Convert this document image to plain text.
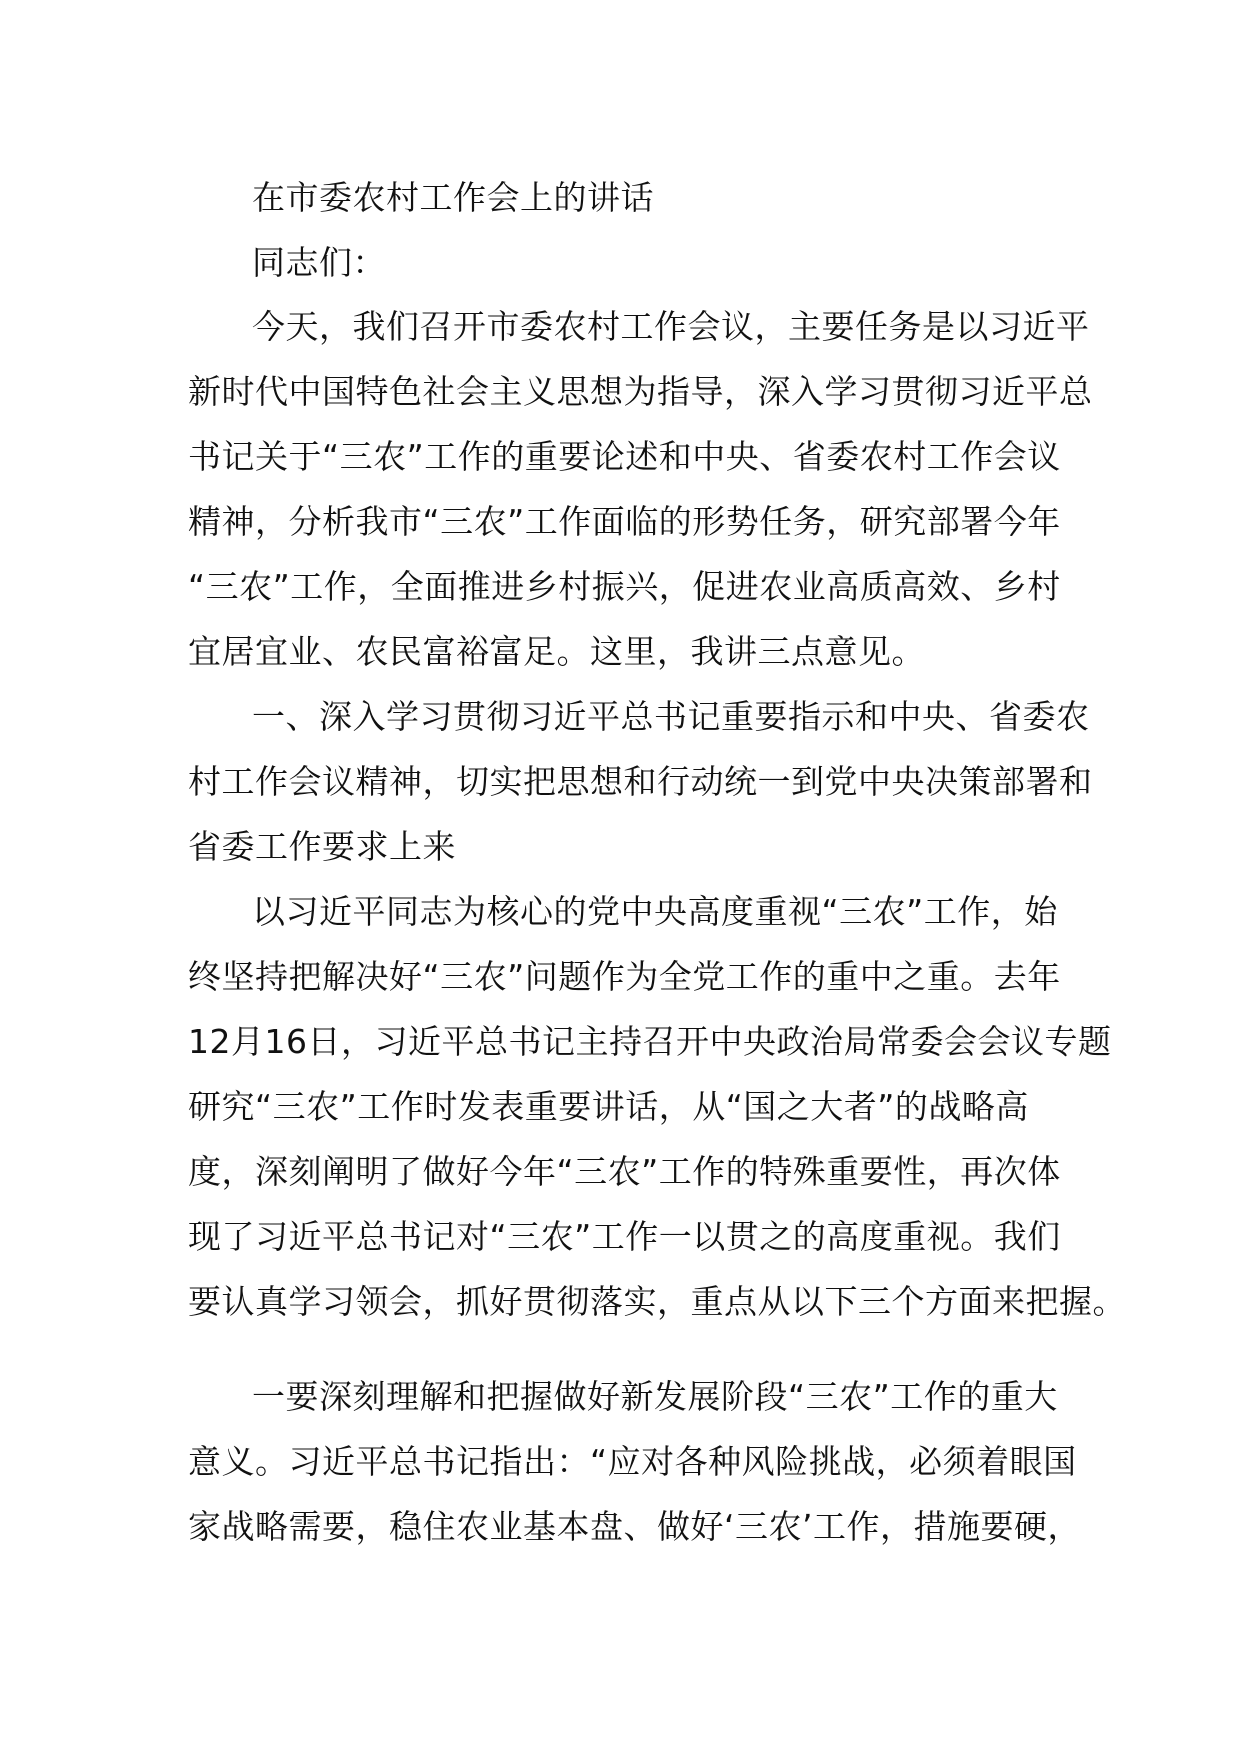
在市委农村工作会上的讲话

同志们：

今天，我们召开市委农村工作会议，主要任务是以习近平

新时代中国特色社会主义思想为指导，深入学习贯彻习近平总

书记关于“三农”工作的重要论述和中央、省委农村工作会议

精神，分析我市“三农”工作面临的形势任务，研究部署今年

“三农”工作，全面推进乡村振兴，促进农业高质高效、乡村

宜居宜业、农民富裕富足。这里，我讲三点意见。

一、深入学习贯彻习近平总书记重要指示和中央、省委农

村工作会议精神，切实把思想和行动统一到党中央决策部署和

省委工作要求上来

以习近平同志为核心的党中央高度重视“三农”工作，始

终坚持把解决好“三农”问题作为全党工作的重中之重。去年

12月16日，习近平总书记主持召开中央政治局常委会会议专题

研究“三农”工作时发表重要讲话，从“国之大者”的战略高

度，深刻阐明了做好今年“三农”工作的特殊重要性，再次体

现了习近平总书记对“三农”工作一以贯之的高度重视。我们

要认真学习领会，抓好贯彻落实，重点从以下三个方面来把握。

一要深刻理解和把握做好新发展阶段“三农”工作的重大

意义。习近平总书记指出：“应对各种风险挑战，必须着眼国

家战略需要，稳住农业基本盘、做好‘三农’工作，措施要硬，
